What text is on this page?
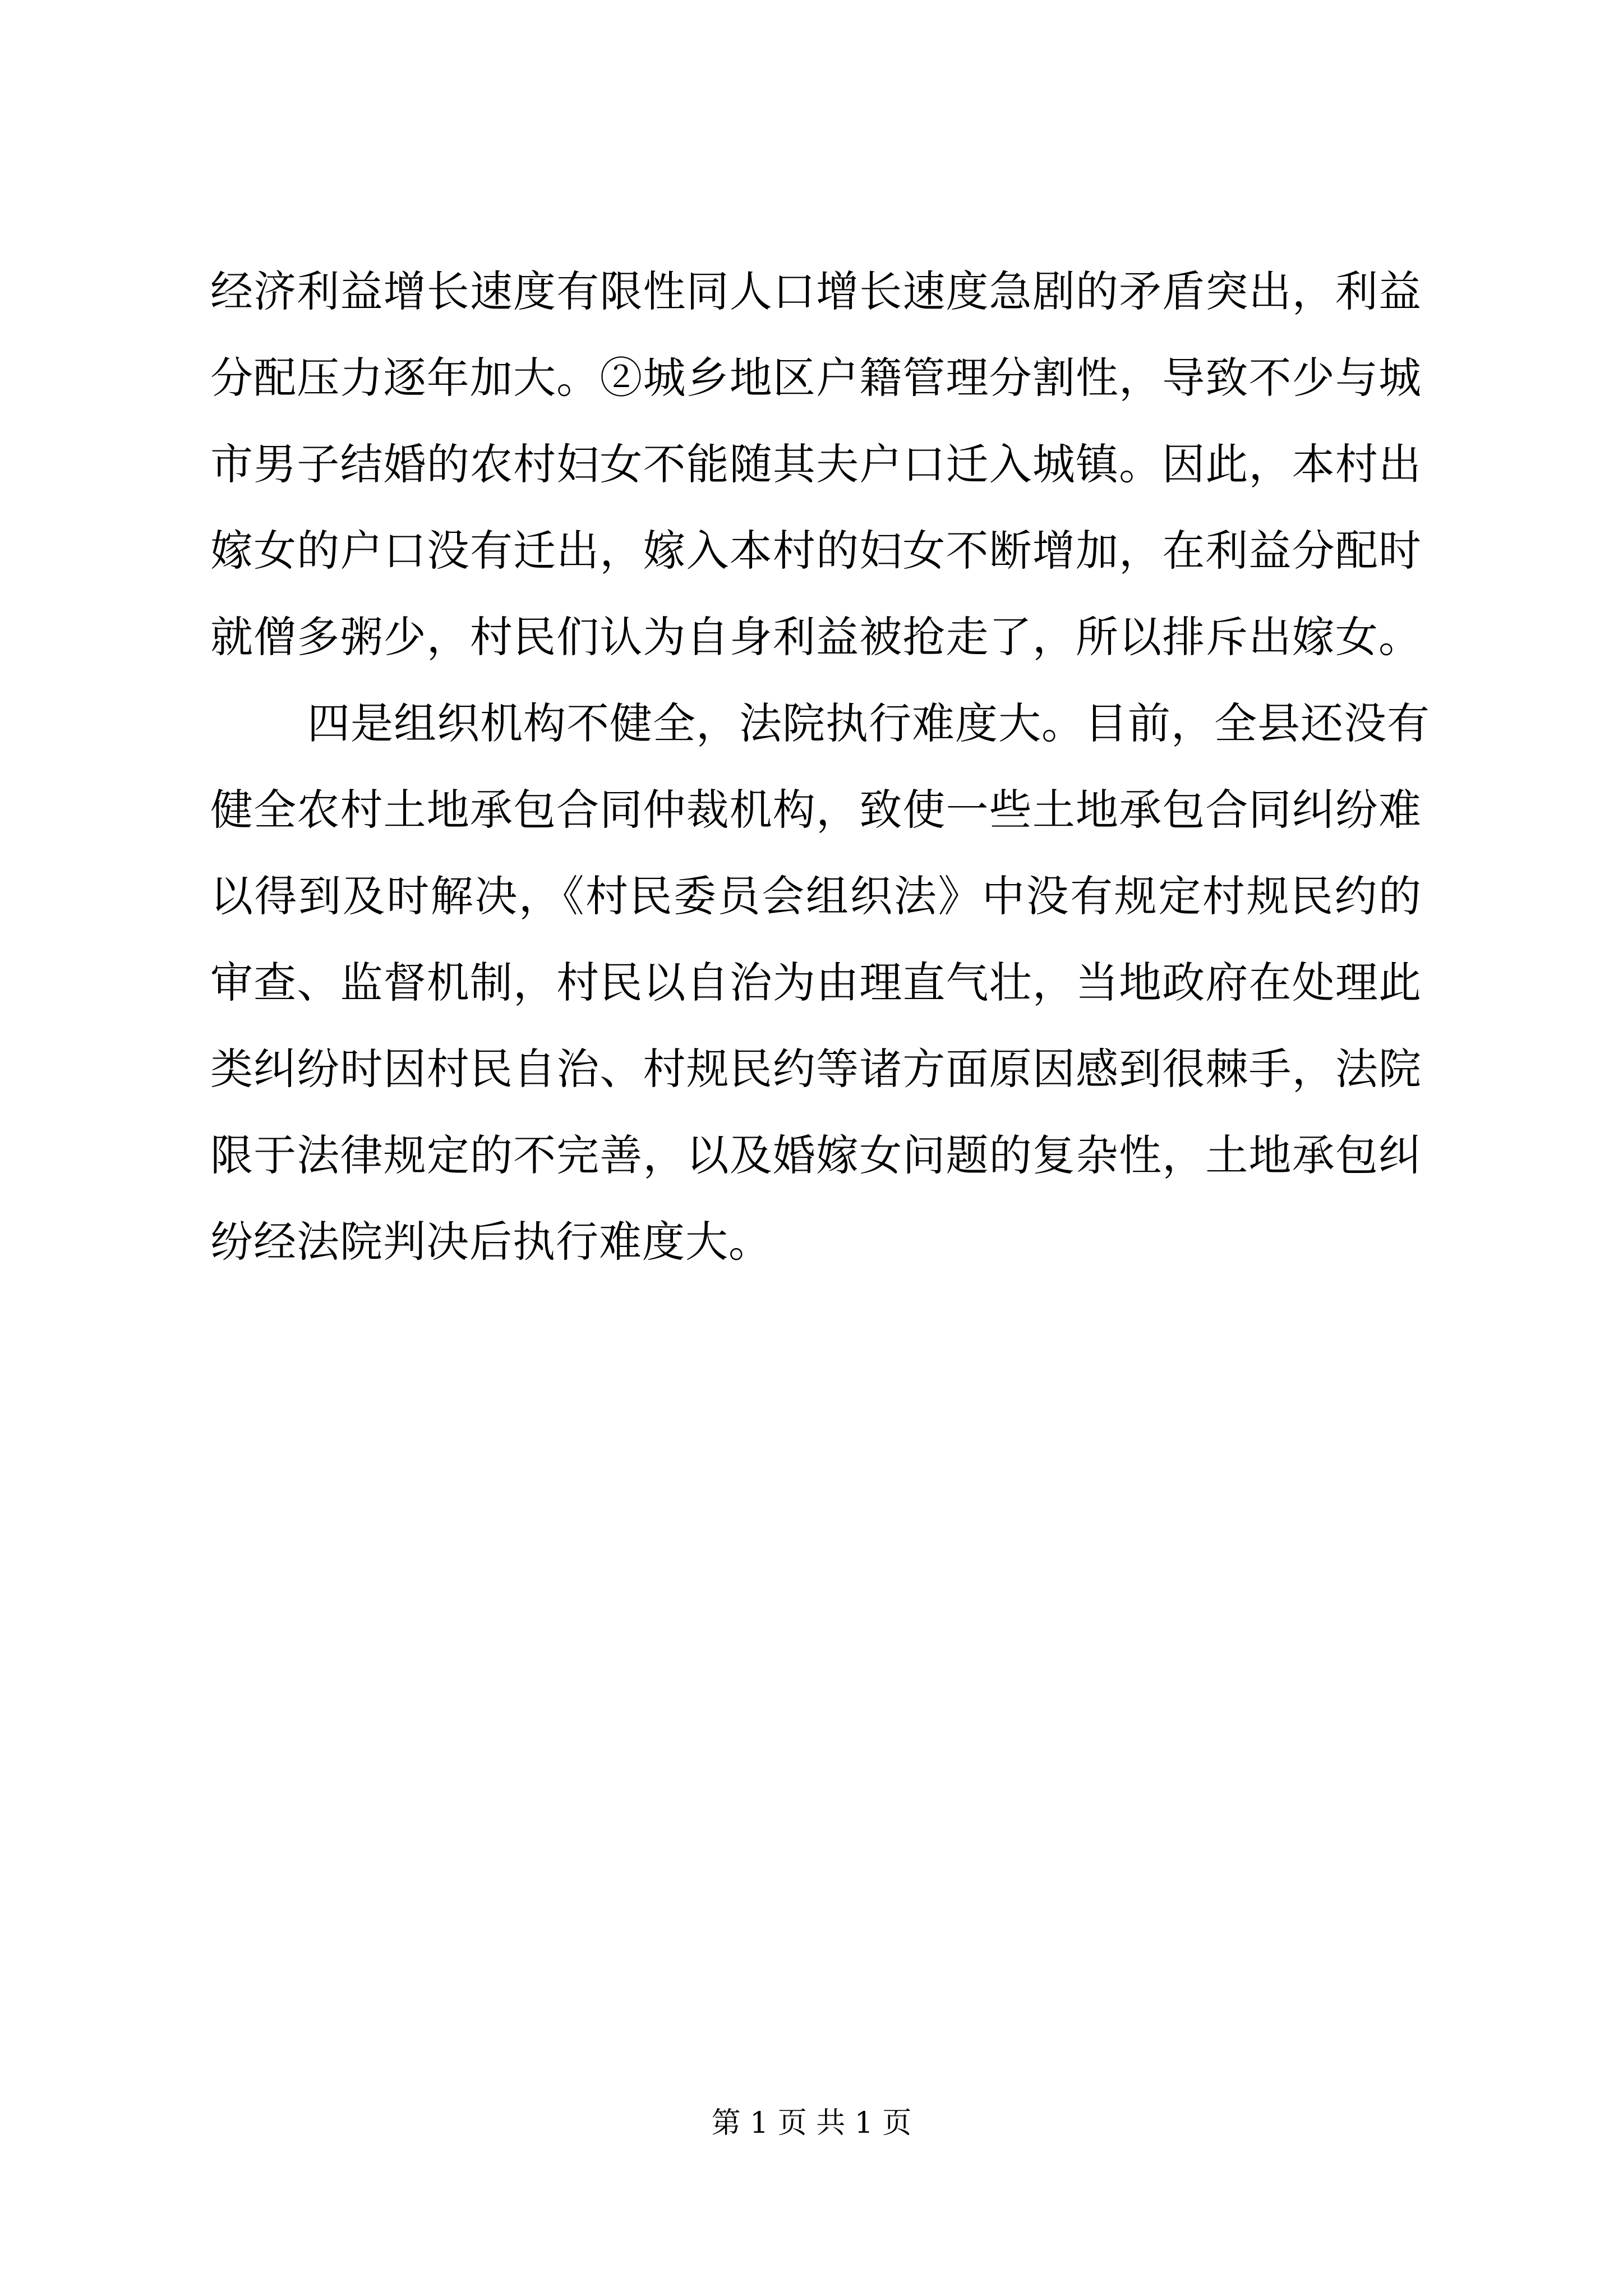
经济利益增长速度有限性同人口增长速度急剧的矛盾突出，利益
分配压力逐年加大。②城乡地区户籍管理分割性，导致不少与城
市男子结婚的农村妇女不能随其夫户口迁入城镇。因此，本村出
嫁女的户口没有迁出，嫁入本村的妇女不断增加，在利益分配时
就僧多粥少，村民们认为自身利益被抢走了，所以排斥出嫁女。
四是组织机构不健全，法院执行难度大。目前，全县还没有
健全农村土地承包合同仲裁机构，致使一些土地承包合同纠纷难
以得到及时解决，《村民委员会组织法》中没有规定村规民约的
审查、监督机制，村民以自治为由理直气壮，当地政府在处理此
类纠纷时因村民自治、村规民约等诸方面原因感到很棘手，法院
限于法律规定的不完善，以及婚嫁女问题的复杂性，土地承包纠
纷经法院判决后执行难度大。
第 1 页 共 1 页
